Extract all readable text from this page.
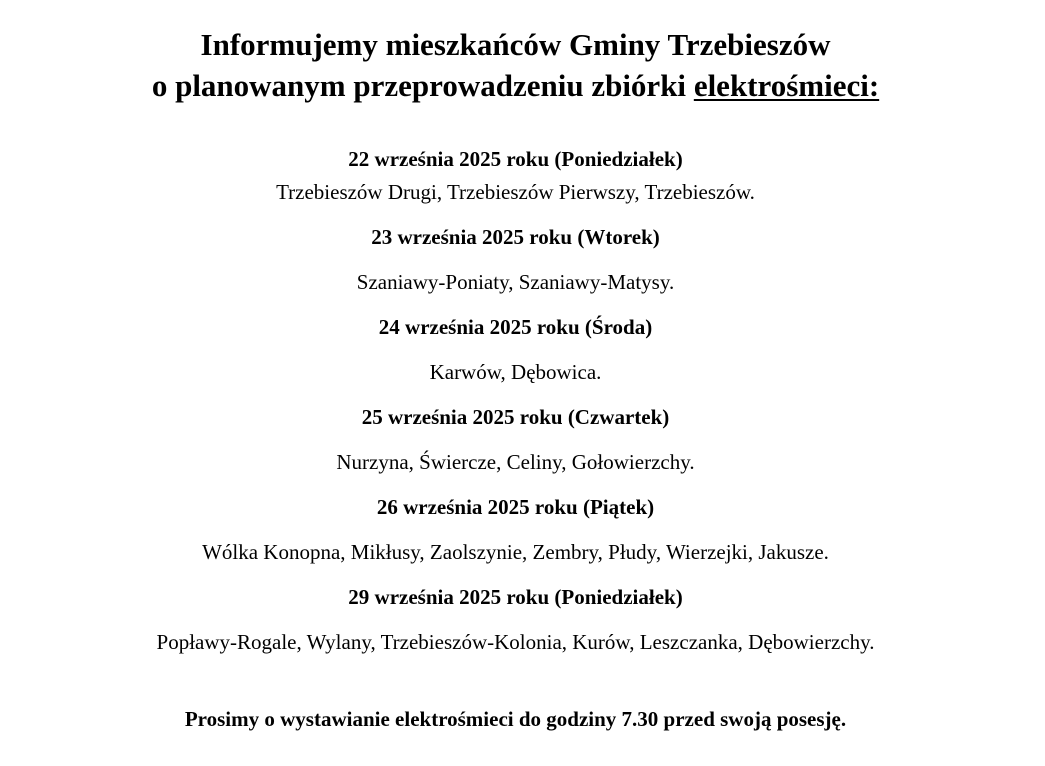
Informujemy mieszkańców Gminy Trzebieszów
o planowanym przeprowadzeniu zbiórki elektrośmieci:
22 września 2025 roku (Poniedziałek)
Trzebieszów Drugi, Trzebieszów Pierwszy, Trzebieszów.
23 września 2025 roku (Wtorek)
Szaniawy-Poniaty, Szaniawy-Matysy.
24 września 2025 roku (Środa)
Karwów, Dębowica.
25 września 2025 roku (Czwartek)
Nurzyna, Świercze, Celiny, Gołowierzchy.
26 września 2025 roku (Piątek)
Wólka Konopna, Mikłusy, Zaolszynie, Zembry, Płudy, Wierzejki, Jakusze.
29 września 2025 roku (Poniedziałek)
Popławy-Rogale, Wylany, Trzebieszów-Kolonia, Kurów, Leszczanka, Dębowierzchy.
Prosimy o wystawianie elektrośmieci do godziny 7.30 przed swoją posesję.
